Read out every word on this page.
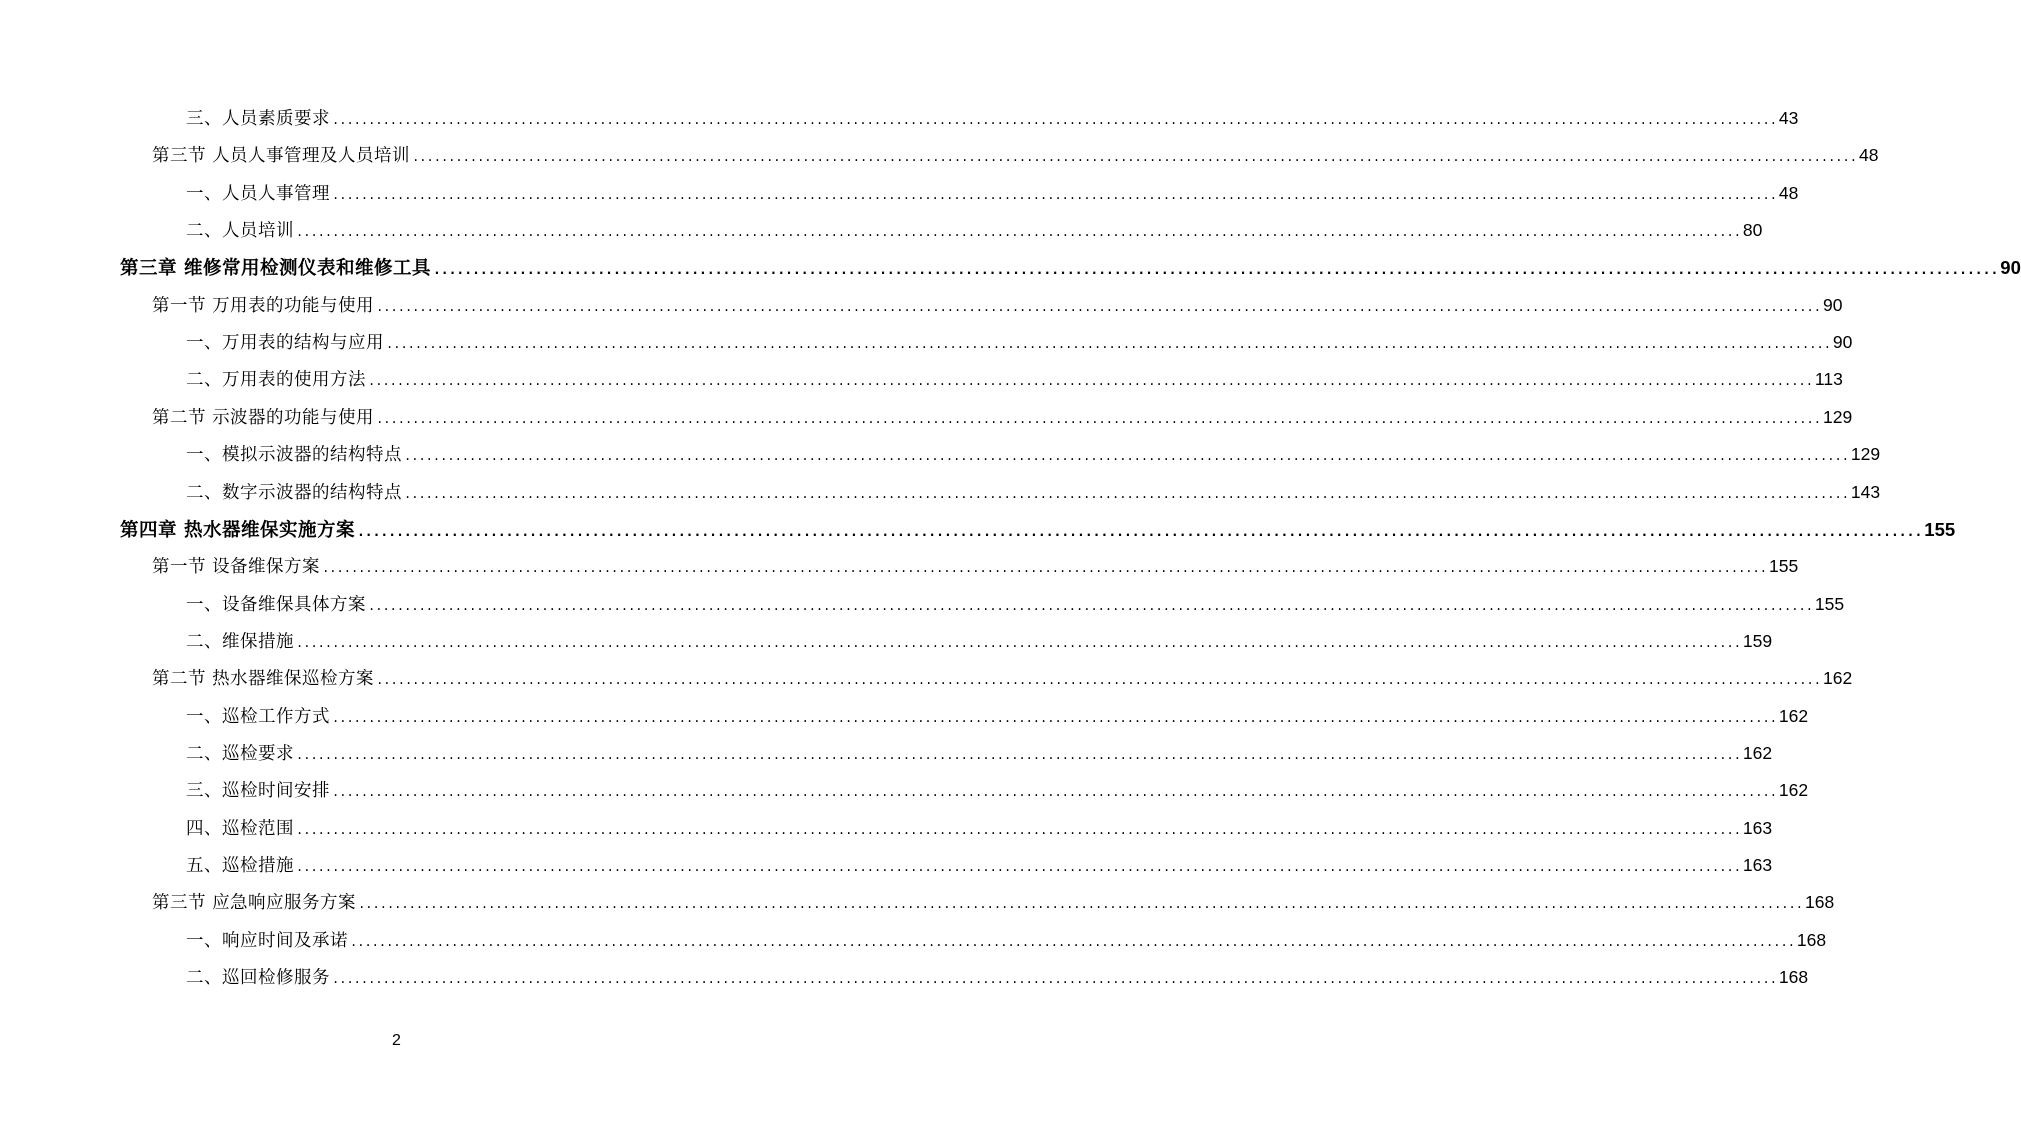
三、人员素质要求 ........................................................................................................................................................................................................ 43
第三节 人员人事管理及人员培训 ........................................................................................................................................................................................................ 48
一、人员人事管理 ........................................................................................................................................................................................................ 48
二、人员培训 ........................................................................................................................................................................................................ 80
第三章 维修常用检测仪表和维修工具 ........................................................................................................................................................................................................ 90
第一节 万用表的功能与使用 ........................................................................................................................................................................................................ 90
一、万用表的结构与应用 ........................................................................................................................................................................................................ 90
二、万用表的使用方法 ........................................................................................................................................................................................................ 113
第二节 示波器的功能与使用 ........................................................................................................................................................................................................ 129
一、模拟示波器的结构特点 ........................................................................................................................................................................................................ 129
二、数字示波器的结构特点 ........................................................................................................................................................................................................ 143
第四章 热水器维保实施方案 ........................................................................................................................................................................................................ 155
第一节 设备维保方案 ........................................................................................................................................................................................................ 155
一、设备维保具体方案 ........................................................................................................................................................................................................ 155
二、维保措施 ........................................................................................................................................................................................................ 159
第二节 热水器维保巡检方案 ........................................................................................................................................................................................................ 162
一、巡检工作方式 ........................................................................................................................................................................................................ 162
二、巡检要求 ........................................................................................................................................................................................................ 162
三、巡检时间安排 ........................................................................................................................................................................................................ 162
四、巡检范围 ........................................................................................................................................................................................................ 163
五、巡检措施 ........................................................................................................................................................................................................ 163
第三节 应急响应服务方案 ........................................................................................................................................................................................................ 168
一、响应时间及承诺 ........................................................................................................................................................................................................ 168
二、巡回检修服务 ........................................................................................................................................................................................................ 168
2
